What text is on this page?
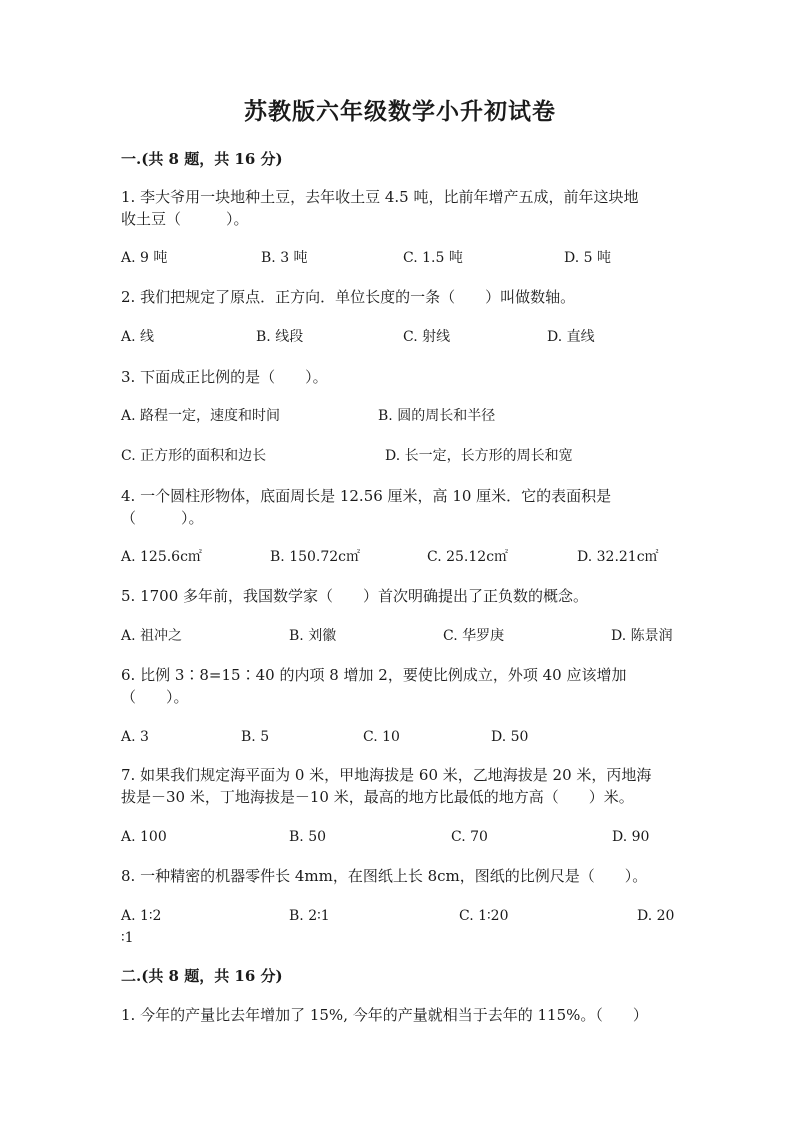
苏教版六年级数学小升初试卷
一.(共 8 题，共 16 分)
1. 李大爷用一块地种土豆，去年收土豆 4.5 吨，比前年增产五成，前年这块地
收土豆（　　　）。
A. 9 吨	B. 3 吨	C. 1.5 吨	D. 5 吨
2. 我们把规定了原点．正方向．单位长度的一条（　　）叫做数轴。
A. 线	B. 线段	C. 射线	D. 直线
3. 下面成正比例的是（　　）。
A. 路程一定，速度和时间	B. 圆的周长和半径
C. 正方形的面积和边长	D. 长一定，长方形的周长和宽
4. 一个圆柱形物体，底面周长是 12.56 厘米，高 10 厘米．它的表面积是
（　　　）。
A. 125.6c㎡	B. 150.72c㎡	C. 25.12c㎡	D. 32.21c㎡
5. 1700 多年前，我国数学家（　　）首次明确提出了正负数的概念。
A. 祖冲之	B. 刘徽	C. 华罗庚	D. 陈景润
6. 比例 3∶8=15∶40 的内项 8 增加 2，要使比例成立，外项 40 应该增加
（　　）。
A. 3	B. 5	C. 10	D. 50
7. 如果我们规定海平面为 0 米，甲地海拔是 60 米，乙地海拔是 20 米，丙地海
拔是－30 米，丁地海拔是－10 米，最高的地方比最低的地方高（　　）米。
A. 100	B. 50	C. 70	D. 90
8. 一种精密的机器零件长 4mm，在图纸上长 8cm，图纸的比例尺是（　　）。
A. 1∶2	B. 2∶1	C. 1∶20	D. 20
∶1
二.(共 8 题，共 16 分)
1. 今年的产量比去年增加了 15%, 今年的产量就相当于去年的 115%。（　　）
